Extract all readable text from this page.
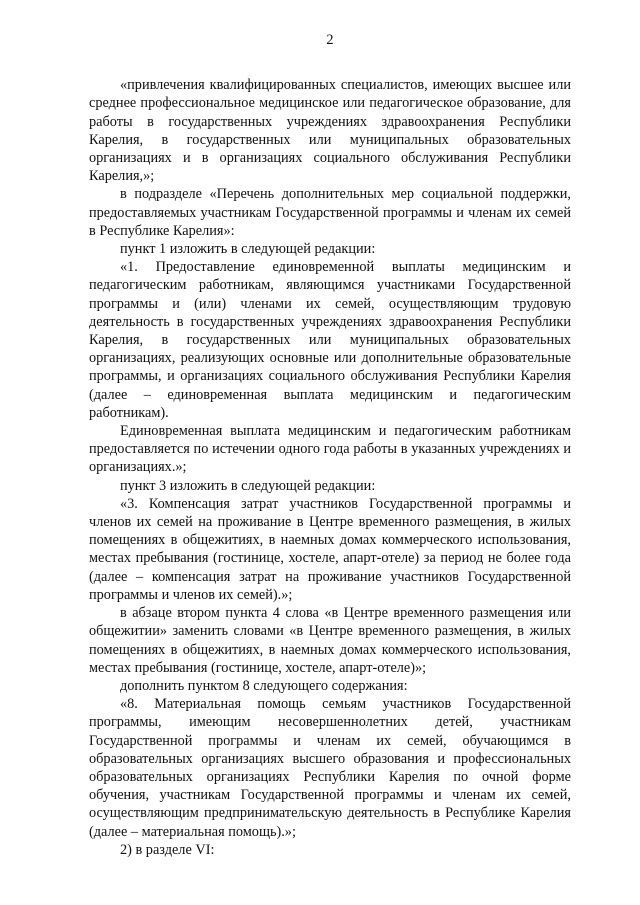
2

«привлечения квалифицированных специалистов, имеющих высшее или среднее профессиональное медицинское или педагогическое образование, для работы в государственных учреждениях здравоохранения Республики Карелия, в государственных или муниципальных образовательных организациях и в организациях социального обслуживания Республики Карелия,»;

в подразделе «Перечень дополнительных мер социальной поддержки, предоставляемых участникам Государственной программы и членам их семей в Республике Карелия»:

пункт 1 изложить в следующей редакции:

«1. Предоставление единовременной выплаты медицинским и педагогическим работникам, являющимся участниками Государственной программы и (или) членами их семей, осуществляющим трудовую деятельность в государственных учреждениях здравоохранения Республики Карелия, в государственных или муниципальных образовательных организациях, реализующих основные или дополнительные образовательные программы, и организациях социального обслуживания Республики Карелия (далее – единовременная выплата медицинским и педагогическим работникам).

Единовременная выплата медицинским и педагогическим работникам предоставляется по истечении одного года работы в указанных учреждениях и организациях.»;

пункт 3 изложить в следующей редакции:

«3. Компенсация затрат участников Государственной программы и членов их семей на проживание в Центре временного размещения, в жилых помещениях в общежитиях, в наемных домах коммерческого использования, местах пребывания (гостинице, хостеле, апарт-отеле) за период не более года (далее – компенсация затрат на проживание участников Государственной программы и членов их семей).»;

в абзаце втором пункта 4 слова «в Центре временного размещения или общежитии» заменить словами «в Центре временного размещения, в жилых помещениях в общежитиях, в наемных домах коммерческого использования, местах пребывания (гостинице, хостеле, апарт-отеле)»;

дополнить пунктом 8 следующего содержания:

«8. Материальная помощь семьям участников Государственной программы, имеющим несовершеннолетних детей, участникам Государственной программы и членам их семей, обучающимся в образовательных организациях высшего образования и профессиональных образовательных организациях Республики Карелия по очной форме обучения, участникам Государственной программы и членам их семей, осуществляющим предпринимательскую деятельность в Республике Карелия (далее – материальная помощь).»;

2) в разделе VI:
